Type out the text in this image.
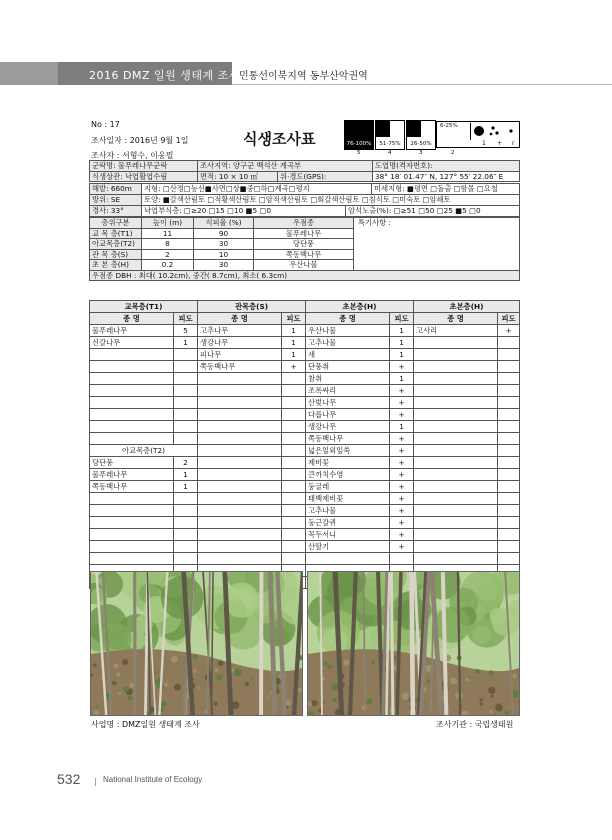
2016 DMZ 일원 생태계 조사 민통선이북지역 동부산악권역
No : 17
조사일자 : 2016년 9월 1일
조사자 : 서형수, 이웅필
식생조사표	76-100%	51-75%	26-50%
5	4	3
6-25%
2
1 + r
군락명: 물푸레나무군락	조사지역: 양구군 백석산 계곡부		도엽명(격자번호):
식생상관: 낙엽활엽수림	면적: 10 × 10 ㎡	위·경도(GPS):	38° 18′ 01.47″ N, 127° 55′ 22.06″ E
해발: 660m	지형: □산정□능선■사면□상■중□하□계곡□평지	미세지형: ■평면 □돌출 □함몰 □요철
방위: SE	토양: ■갈색산림토 □적황색산림토 □암적색산림토 □회갈색산림토 □침식토 □미숙토 □암쇄토
경사: 33°	낙엽부식층: □≥20 □15 □10 ■5 □0	암석노출(%): □≥51 □50 □25 ■5 □0
층위구분	높이 (m)	식피율 (%)	우점종	특기사항 :
교 목 층(T1)	11	90	물푸레나무	
아교목층(T2)	8	30	당단풍	
관 목 층(S)	2	10	쪽동백나무	
초 본 층(H)	0.2	30	우산나물	
우점종 DBH : 최대( 10.2cm), 중간( 8.7cm), 최소( 6.3cm)				
교목층(T1)		관목층(S)		초본층(H)		초본층(H)	
종 명	피도	종 명	피도	종 명	피도	종 명	피도
물푸레나무	5	고추나무	1	우산나물	1	고사리	+
신갈나무	1	생강나무	1	고추나물	1		
		피나무	1	새	1		
		쪽동백나무	+	단풍취	+		
				참취	1		
				조록싸리	+		
				산벚나무	+		
				다릅나무	+		
				생강나무	1		
				쪽동백나무	+		
아교목층(T2)				넓은잎외잎쑥	+		
당단풍	2			제비꽃	+		
물푸레나무	1			큰까치수영	+		
쪽동백나무	1			둥굴레	+		
				태백제비꽃	+		
				고추나물	+		
				둥근갈퀴	+		
				꼭두서니	+		
				산딸기	+		

사업명 : DMZ일원 생태계 조사	조사기관 : 국립생태원
532 | National Institute of Ecology
